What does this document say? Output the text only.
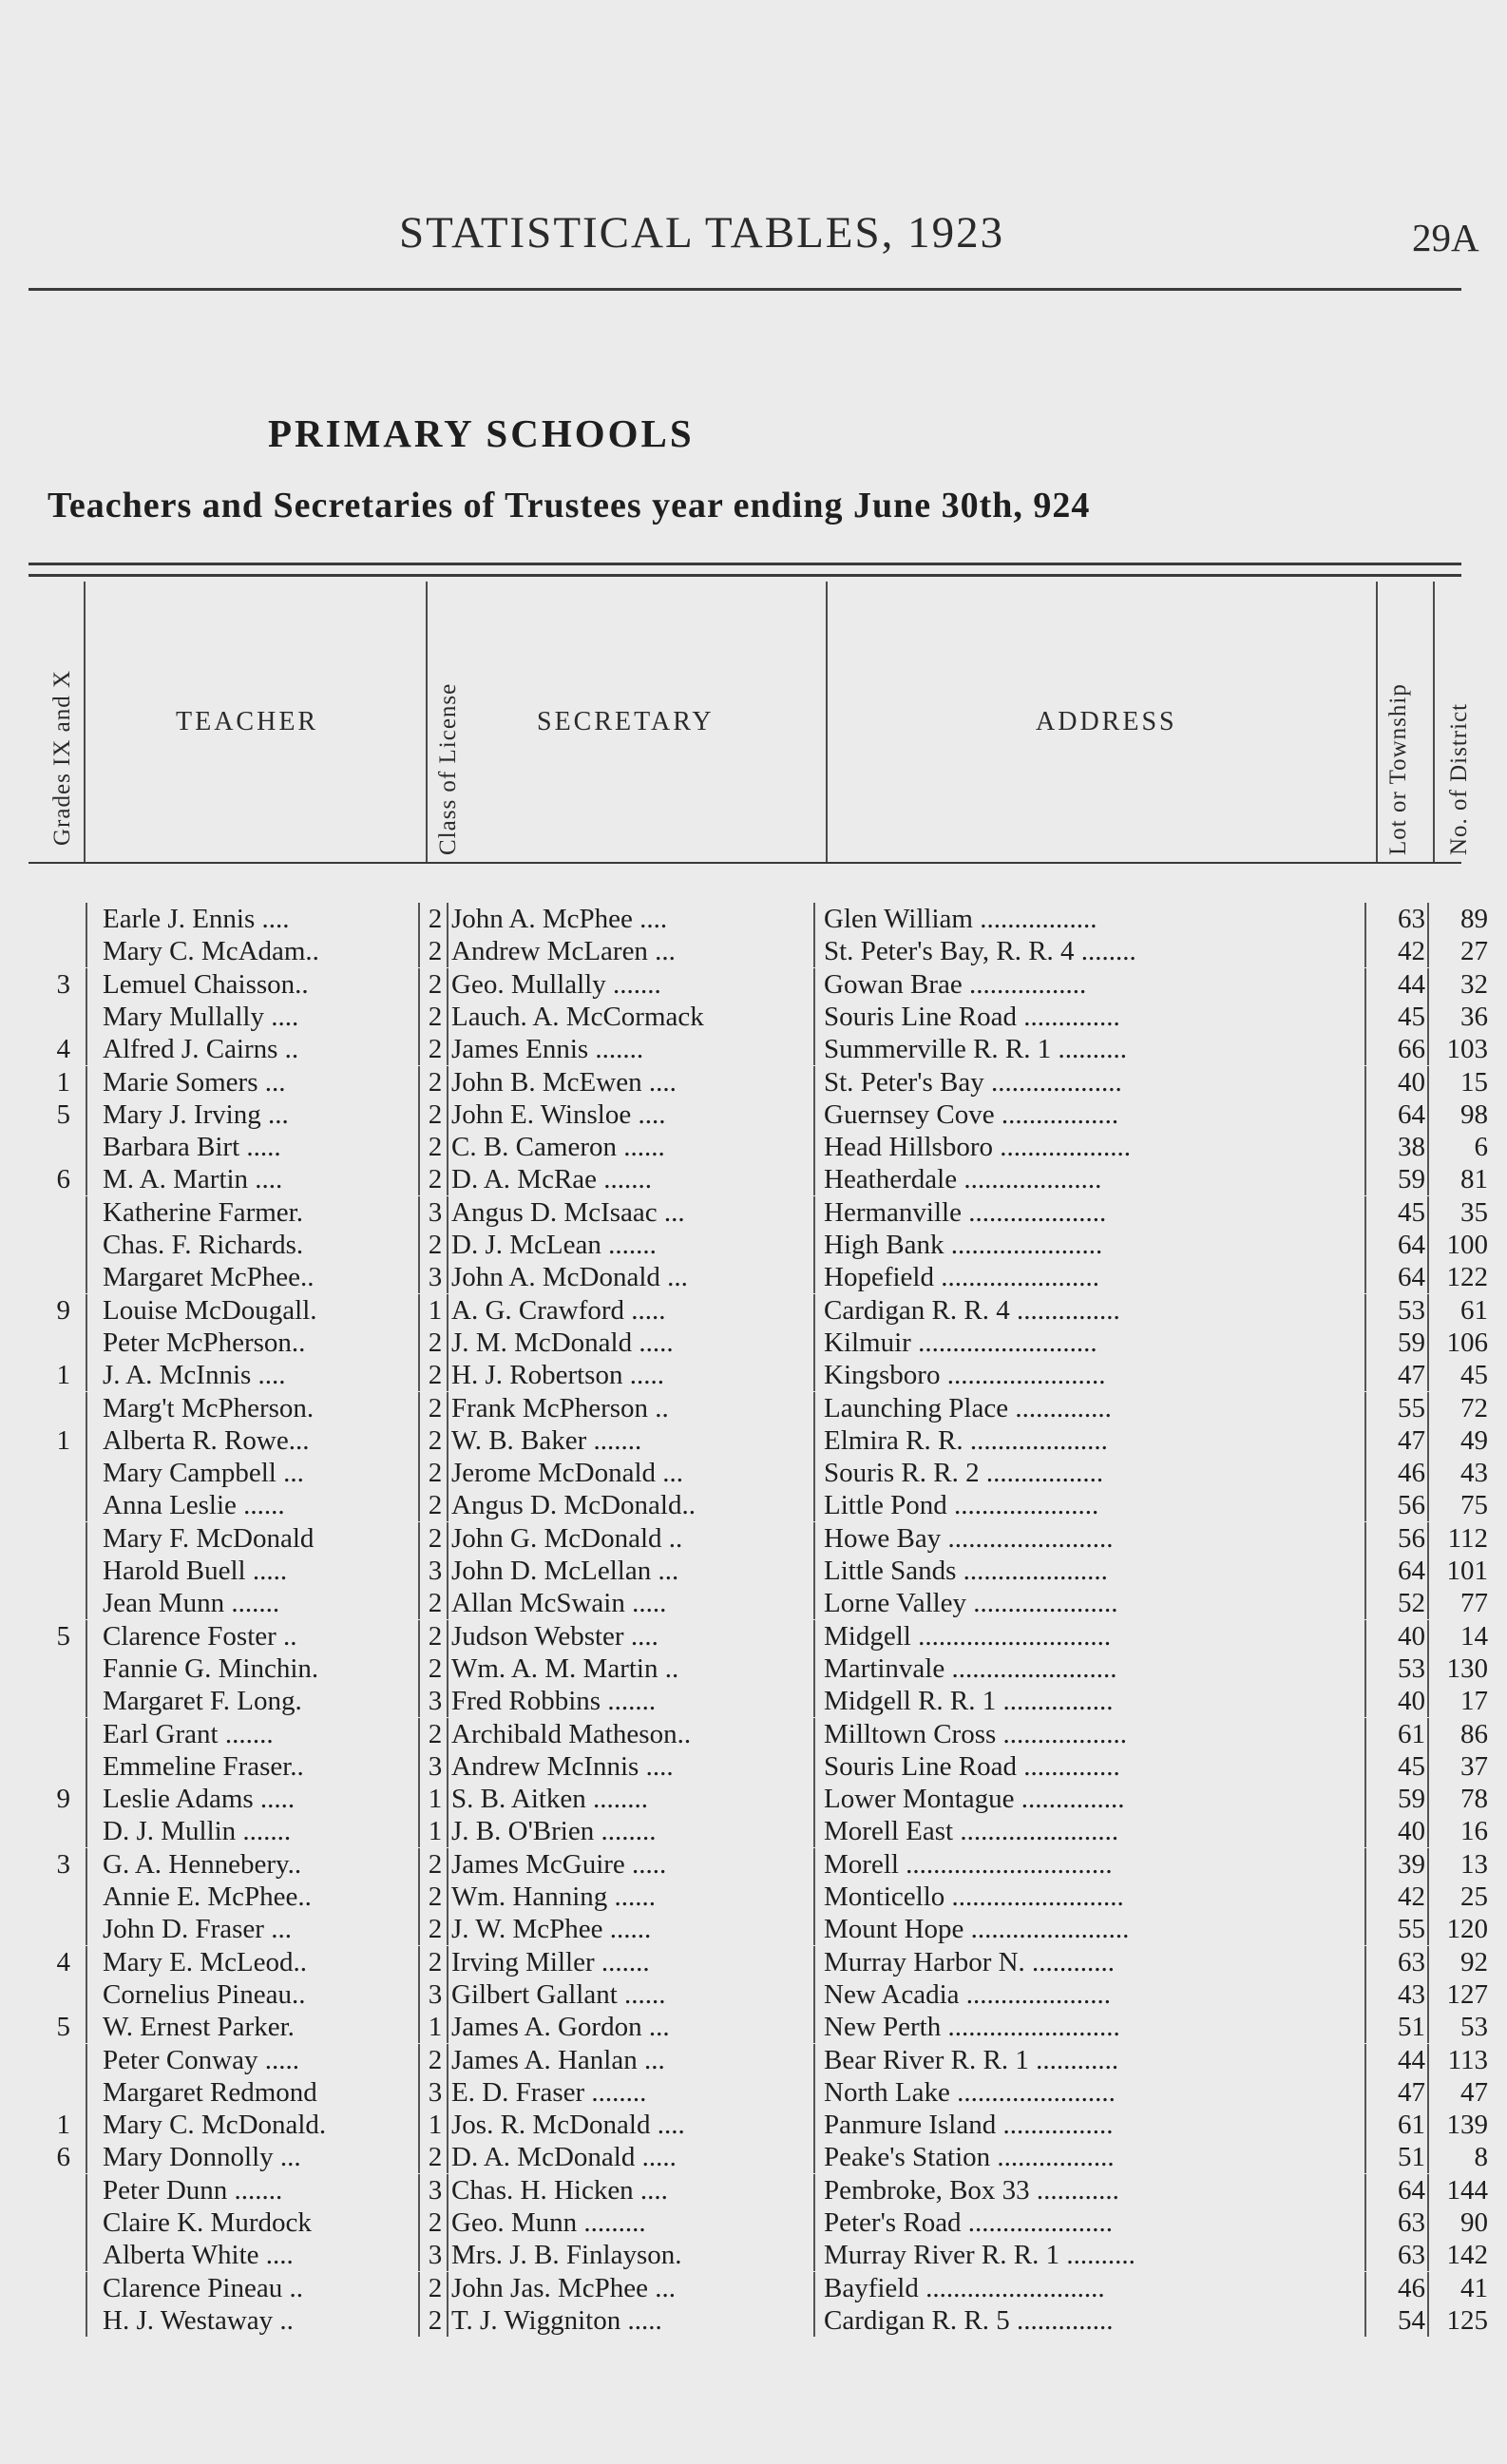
STATISTICAL TABLES, 1923	29A
PRIMARY SCHOOLS
Teachers and Secretaries of Trustees year ending June 30th, 924
Grades IX and X	TEACHER	Class of License	SECRETARY	ADDRESS	Lot or Township No. of District
Earle J. Ennis ....	2 John A. McPhee ....	Glen William .................	63	89
Mary C. McAdam..	2 Andrew McLaren ...	St. Peter's Bay, R. R. 4 ........	42	27
3 Lemuel Chaisson..	2 Geo. Mullally .......	Gowan Brae .................	44	32
Mary Mullally ....	2 Lauch. A. McCormack	Souris Line Road ..............	45	36
4 Alfred J. Cairns ..	2 James Ennis .......	Summerville R. R. 1 ..........	66 103
1 Marie Somers ...	2 John B. McEwen ....	St. Peter's Bay ...................	40	15
5 Mary J. Irving ...	2 John E. Winsloe ....	Guernsey Cove .................	64	98
Barbara Birt .....	2 C. B. Cameron ......	Head Hillsboro ...................	38	6
6 M. A. Martin ....	2 D. A. McRae .......	Heatherdale ....................	59	81
Katherine Farmer.	3 Angus D. McIsaac ...	Hermanville ....................	45	35
Chas. F. Richards.	2 D. J. McLean .......	High Bank ......................	64 100
Margaret McPhee..	3 John A. McDonald ...	Hopefield .......................	64 122
9 Louise McDougall.	1 A. G. Crawford .....	Cardigan R. R. 4 ...............	53	61
Peter McPherson..	2 J. M. McDonald .....	Kilmuir ..........................	59 106
1 J. A. McInnis ....	2 H. J. Robertson .....	Kingsboro .......................	47	45
Marg't McPherson.	2 Frank McPherson ..	Launching Place ..............	55	72
1 Alberta R. Rowe...	2 W. B. Baker .......	Elmira R. R. ....................	47	49
Mary Campbell ...	2 Jerome McDonald ...	Souris R. R. 2 .................	46	43
Anna Leslie ......	2 Angus D. McDonald..	Little Pond .....................	56	75
Mary F. McDonald	2 John G. McDonald ..	Howe Bay ........................	56 112
Harold Buell .....	3 John D. McLellan ...	Little Sands .....................	64 101
Jean Munn .......	2 Allan McSwain .....	Lorne Valley .....................	52	77
5 Clarence Foster ..	2 Judson Webster ....	Midgell ............................	40	14
Fannie G. Minchin.	2 Wm. A. M. Martin ..	Martinvale ........................	53 130
Margaret F. Long.	3 Fred Robbins .......	Midgell R. R. 1 ................	40	17
Earl Grant .......	2 Archibald Matheson..	Milltown Cross ..................	61	86
Emmeline Fraser..	3 Andrew McInnis ....	Souris Line Road ..............	45	37
9 Leslie Adams .....	1 S. B. Aitken ........	Lower Montague ...............	59	78
D. J. Mullin .......	1 J. B. O'Brien ........	Morell East .......................	40	16
3 G. A. Hennebery..	2 James McGuire .....	Morell ..............................	39	13
Annie E. McPhee..	2 Wm. Hanning ......	Monticello .........................	42	25
John D. Fraser ...	2 J. W. McPhee ......	Mount Hope .......................	55 120
4 Mary E. McLeod..	2 Irving Miller .......	Murray Harbor N. ............	63	92
Cornelius Pineau..	3 Gilbert Gallant ......	New Acadia .....................	43 127
5 W. Ernest Parker.	1 James A. Gordon ...	New Perth .........................	51	53
Peter Conway .....	2 James A. Hanlan ...	Bear River R. R. 1 ............	44 113
Margaret Redmond	3 E. D. Fraser ........	North Lake .......................	47	47
1 Mary C. McDonald.	1 Jos. R. McDonald ....	Panmure Island ................	61 139
6 Mary Donnolly ...	2 D. A. McDonald .....	Peake's Station .................	51	8
Peter Dunn .......	3 Chas. H. Hicken ....	Pembroke, Box 33 ............	64 144
Claire K. Murdock	2 Geo. Munn .........	Peter's Road .....................	63	90
Alberta White ....	3 Mrs. J. B. Finlayson.	Murray River R. R. 1 ..........	63 142
Clarence Pineau ..	2 John Jas. McPhee ...	Bayfield ..........................	46	41
H. J. Westaway ..	2 T. J. Wiggniton .....	Cardigan R. R. 5 ..............	54 125
